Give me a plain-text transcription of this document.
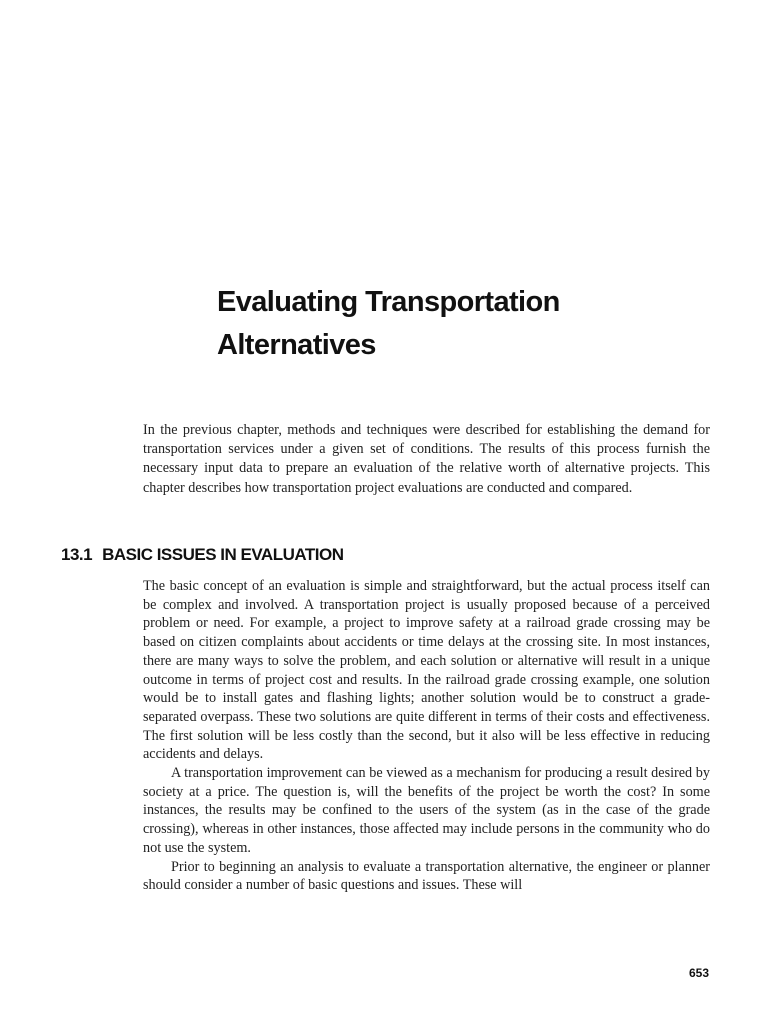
Evaluating Transportation
Alternatives

In the previous chapter, methods and techniques were described for establishing the demand for transportation services under a given set of conditions. The results of this process furnish the necessary input data to prepare an evaluation of the relative worth of alternative projects. This chapter describes how transportation project evaluations are conducted and compared.

13.1 BASIC ISSUES IN EVALUATION

The basic concept of an evaluation is simple and straightforward, but the actual process itself can be complex and involved. A transportation project is usually proposed because of a perceived problem or need. For example, a project to improve safety at a railroad grade crossing may be based on citizen complaints about accidents or time delays at the crossing site. In most instances, there are many ways to solve the problem, and each solution or alternative will result in a unique outcome in terms of project cost and results. In the railroad grade crossing example, one solution would be to install gates and flashing lights; another solution would be to construct a grade-separated overpass. These two solutions are quite different in terms of their costs and effectiveness. The first solution will be less costly than the second, but it also will be less effective in reducing accidents and delays.

A transportation improvement can be viewed as a mechanism for producing a result desired by society at a price. The question is, will the benefits of the project be worth the cost? In some instances, the results may be confined to the users of the system (as in the case of the grade crossing), whereas in other instances, those affected may include persons in the community who do not use the system.

Prior to beginning an analysis to evaluate a transportation alternative, the engineer or planner should consider a number of basic questions and issues. These will

653
